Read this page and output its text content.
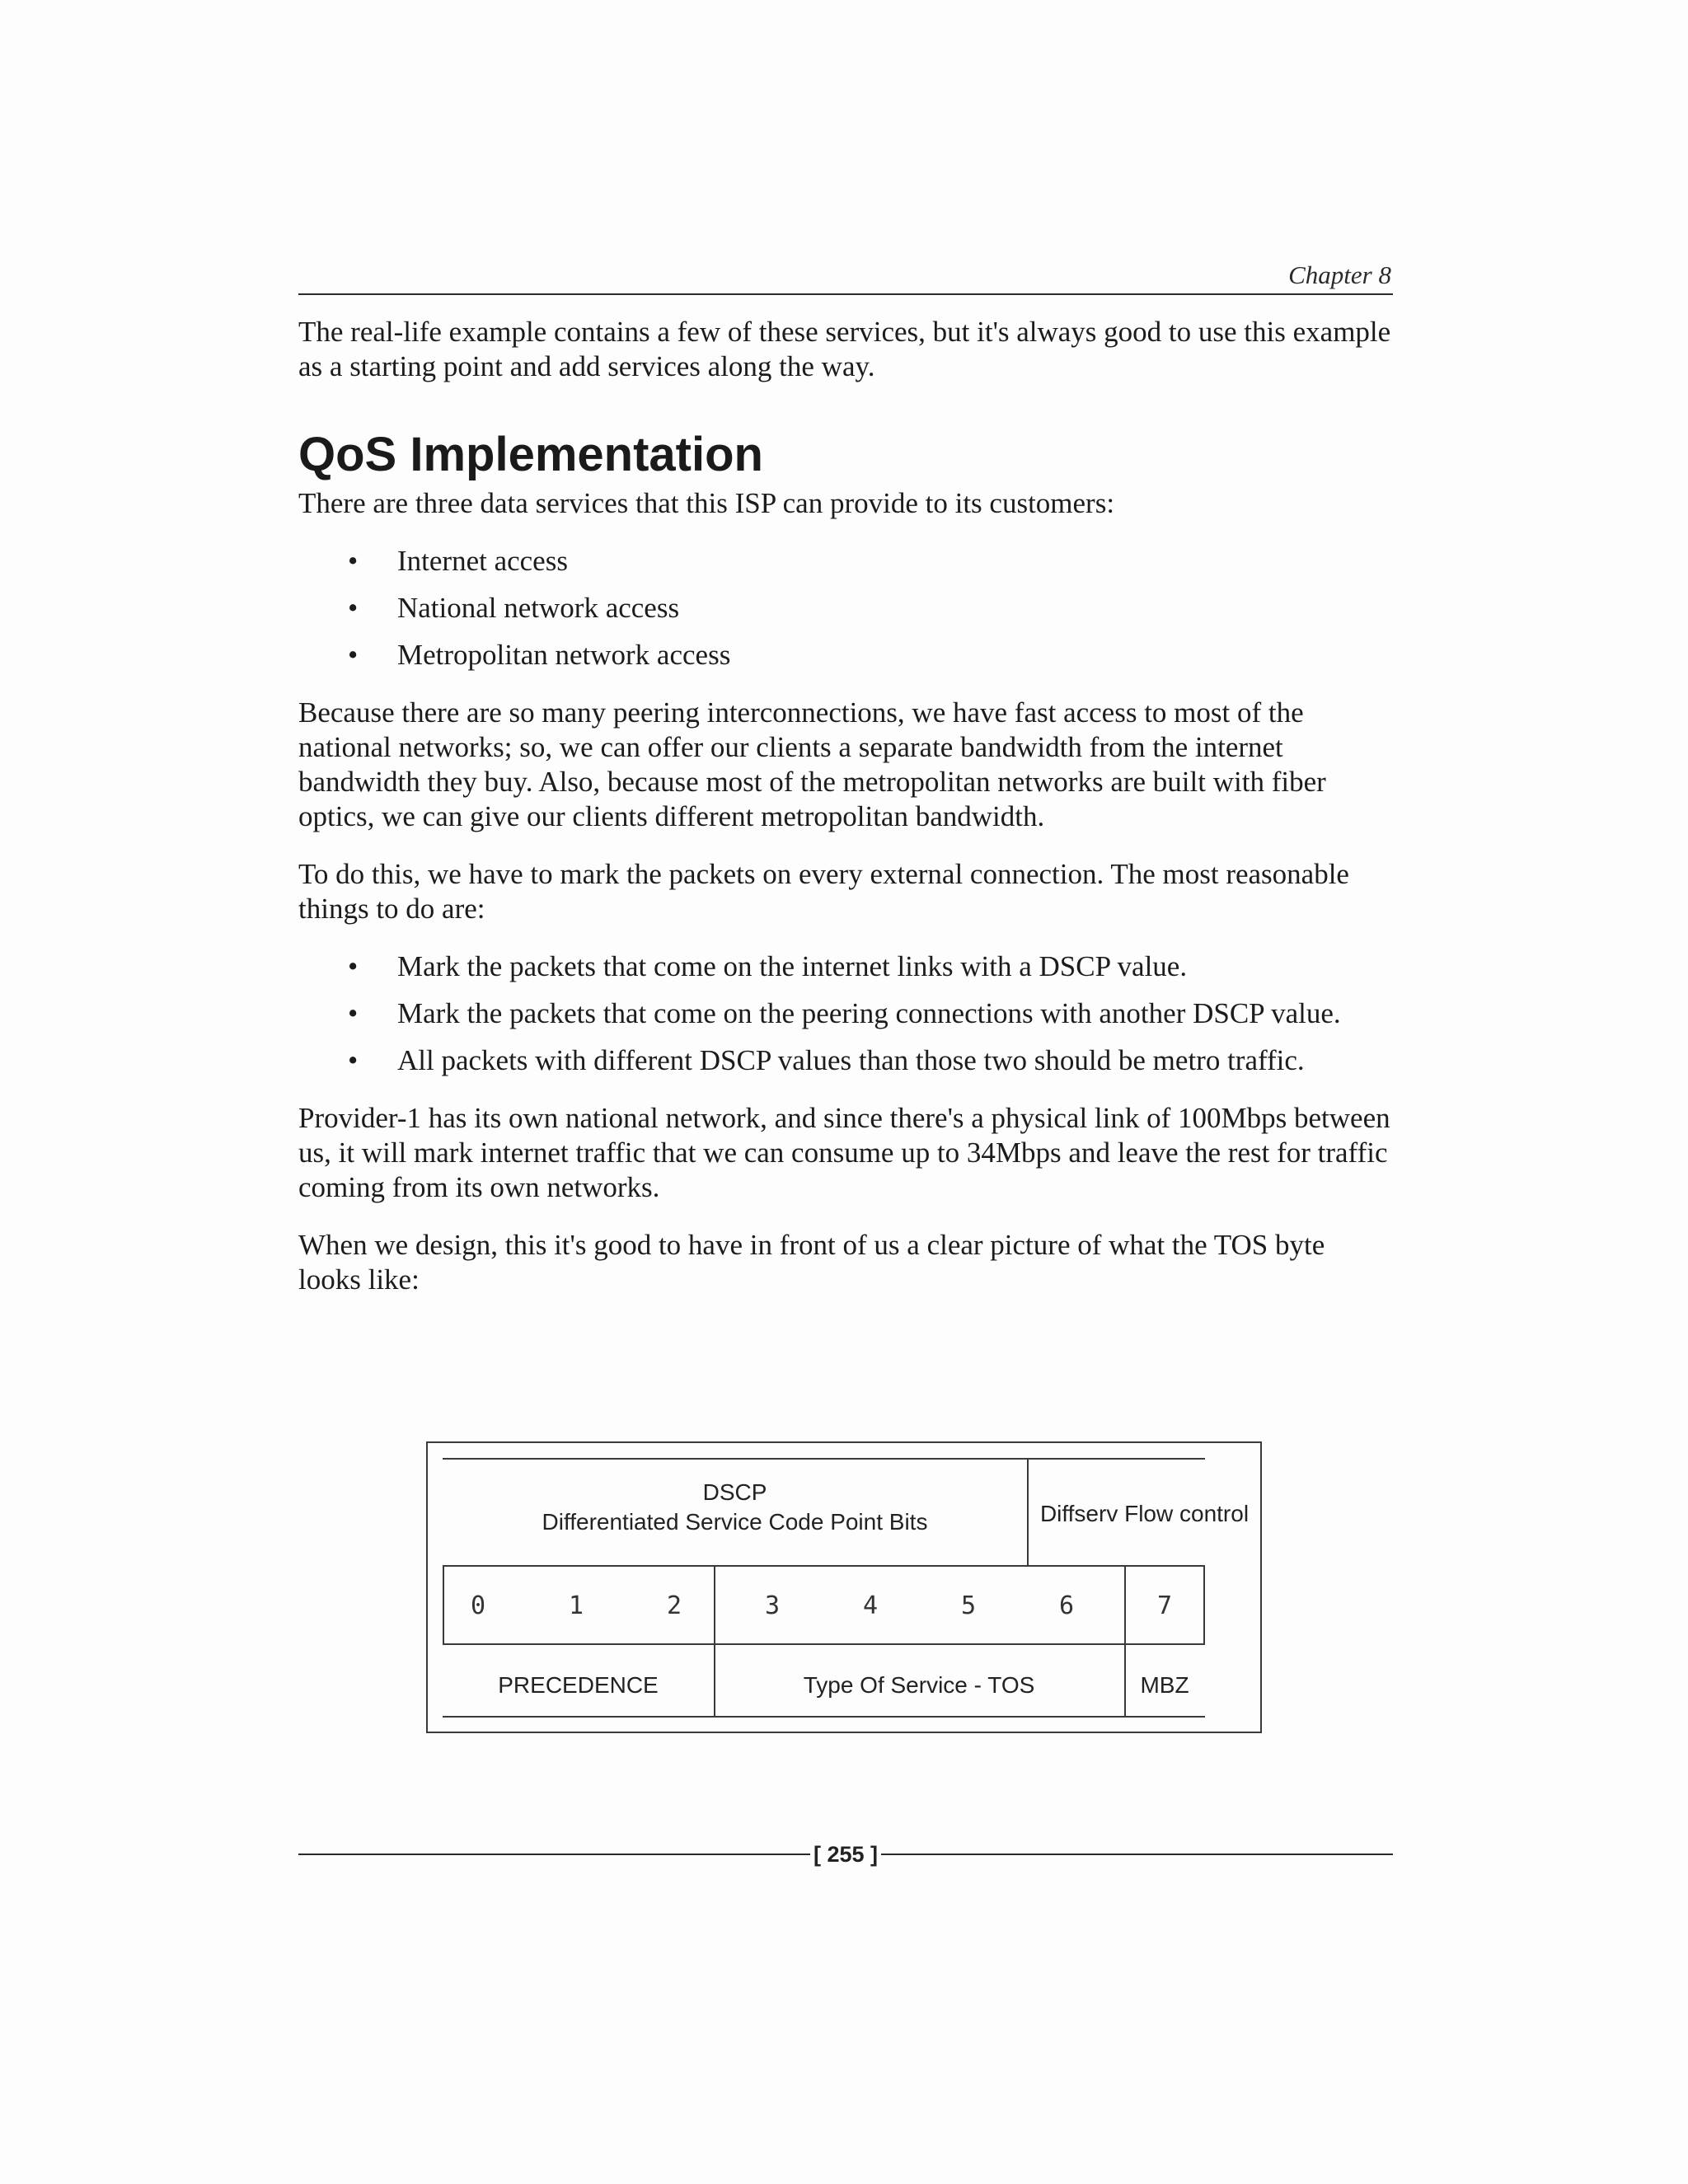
Chapter 8

The real-life example contains a few of these services, but it's always good to use this example as a starting point and add services along the way.

QoS Implementation

There are three data services that this ISP can provide to its customers:

• Internet access
• National network access
• Metropolitan network access

Because there are so many peering interconnections, we have fast access to most of the national networks; so, we can offer our clients a separate bandwidth from the internet bandwidth they buy. Also, because most of the metropolitan networks are built with fiber optics, we can give our clients different metropolitan bandwidth.

To do this, we have to mark the packets on every external connection. The most reasonable things to do are:

• Mark the packets that come on the internet links with a DSCP value.
• Mark the packets that come on the peering connections with another DSCP value.
• All packets with different DSCP values than those two should be metro traffic.

Provider-1 has its own national network, and since there's a physical link of 100Mbps between us, it will mark internet traffic that we can consume up to 34Mbps and leave the rest for traffic coming from its own networks.

When we design, this it's good to have in front of us a clear picture of what the TOS byte looks like:

DSCP
Differentiated Service Code Point Bits	Diffserv Flow control
0	1	2	3	4	5	6	7
PRECEDENCE	Type Of Service - TOS	MBZ
[ 255 ]
